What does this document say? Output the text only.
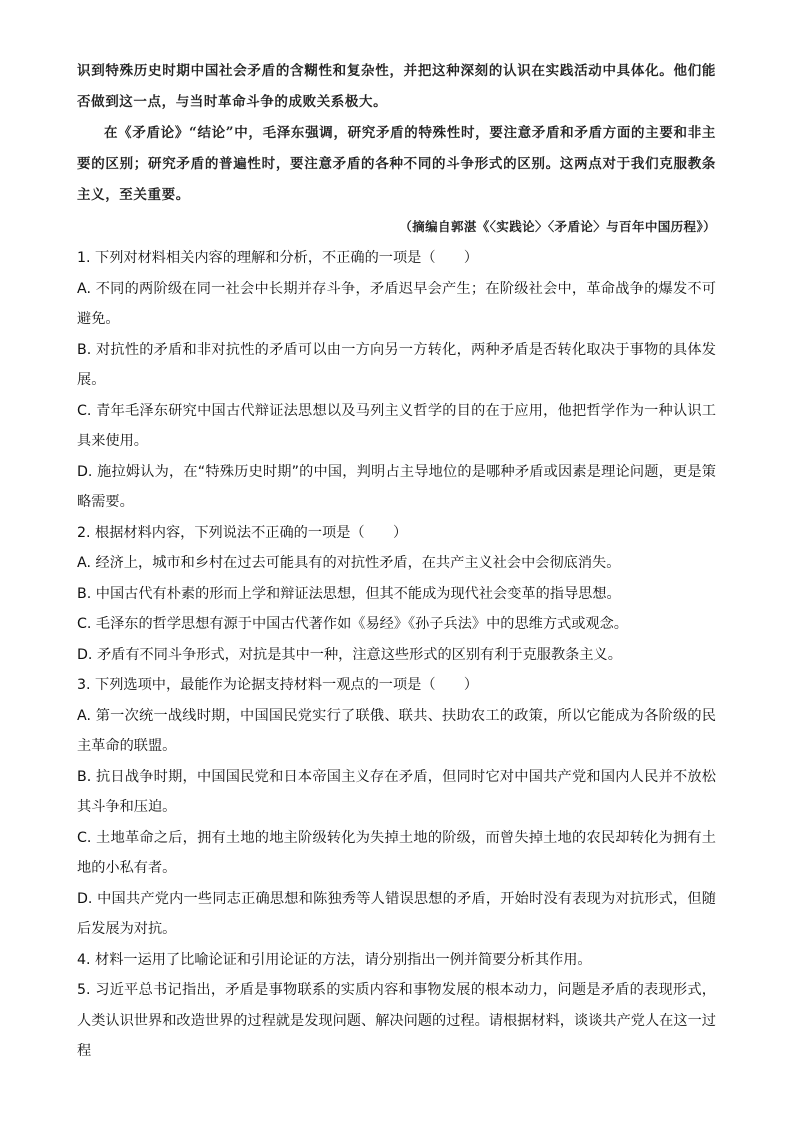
识到特殊历史时期中国社会矛盾的含糊性和复杂性，并把这种深刻的认识在实践活动中具体化。他们能否做到这一点，与当时革命斗争的成败关系极大。

在《矛盾论》“结论”中，毛泽东强调，研究矛盾的特殊性时，要注意矛盾和矛盾方面的主要和非主要的区别；研究矛盾的普遍性时，要注意矛盾的各种不同的斗争形式的区别。这两点对于我们克服教条主义，至关重要。

（摘编自郭湛《〈实践论〉〈矛盾论〉与百年中国历程》）

1. 下列对材料相关内容的理解和分析，不正确的一项是（　　）

A. 不同的两阶级在同一社会中长期并存斗争，矛盾迟早会产生；在阶级社会中，革命战争的爆发不可避免。

B. 对抗性的矛盾和非对抗性的矛盾可以由一方向另一方转化，两种矛盾是否转化取决于事物的具体发展。

C. 青年毛泽东研究中国古代辩证法思想以及马列主义哲学的目的在于应用，他把哲学作为一种认识工具来使用。

D. 施拉姆认为，在“特殊历史时期”的中国，判明占主导地位的是哪种矛盾或因素是理论问题，更是策略需要。

2. 根据材料内容，下列说法不正确的一项是（　　）

A. 经济上，城市和乡村在过去可能具有的对抗性矛盾，在共产主义社会中会彻底消失。

B. 中国古代有朴素的形而上学和辩证法思想，但其不能成为现代社会变革的指导思想。

C. 毛泽东的哲学思想有源于中国古代著作如《易经》《孙子兵法》中的思维方式或观念。

D. 矛盾有不同斗争形式，对抗是其中一种，注意这些形式的区别有利于克服教条主义。

3. 下列选项中，最能作为论据支持材料一观点的一项是（　　）

A. 第一次统一战线时期，中国国民党实行了联俄、联共、扶助农工的政策，所以它能成为各阶级的民主革命的联盟。

B. 抗日战争时期，中国国民党和日本帝国主义存在矛盾，但同时它对中国共产党和国内人民并不放松其斗争和压迫。

C. 土地革命之后，拥有土地的地主阶级转化为失掉土地的阶级，而曾失掉土地的农民却转化为拥有土地的小私有者。

D. 中国共产党内一些同志正确思想和陈独秀等人错误思想的矛盾，开始时没有表现为对抗形式，但随后发展为对抗。

4. 材料一运用了比喻论证和引用论证的方法，请分别指出一例并简要分析其作用。

5. 习近平总书记指出，矛盾是事物联系的实质内容和事物发展的根本动力，问题是矛盾的表现形式，人类认识世界和改造世界的过程就是发现问题、解决问题的过程。请根据材料，谈谈共产党人在这一过程
